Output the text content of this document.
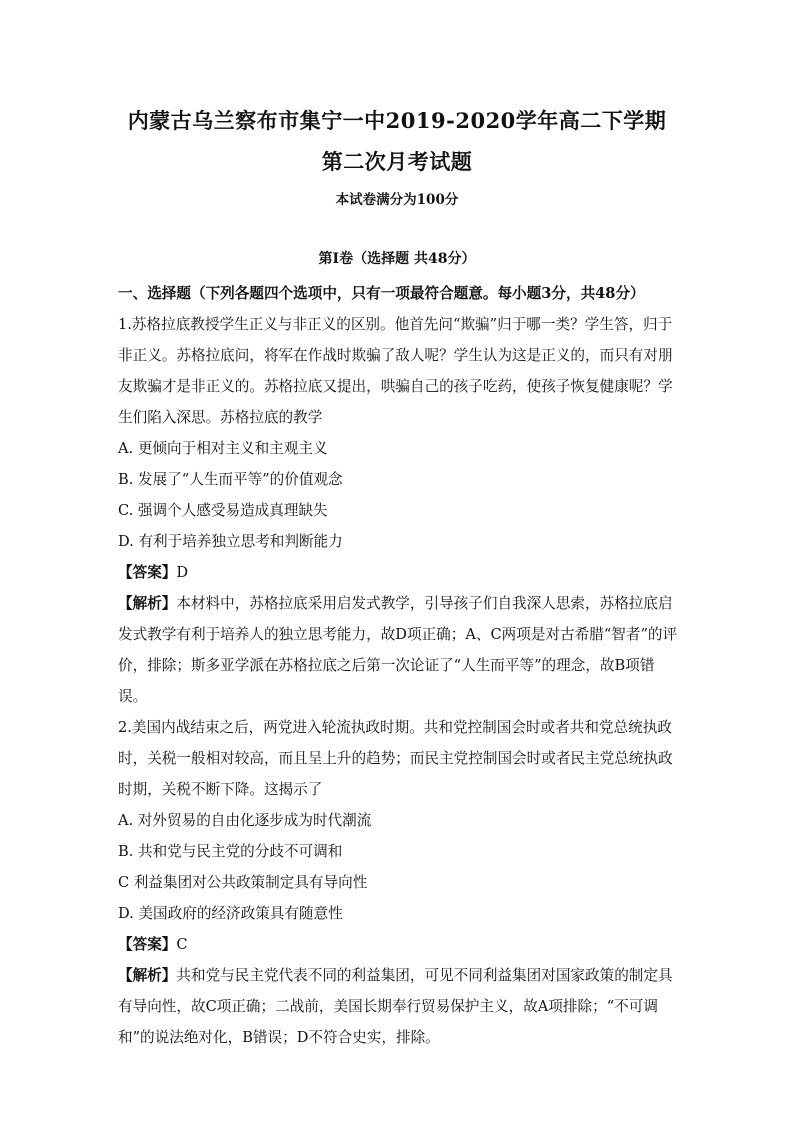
内蒙古乌兰察布市集宁一中2019-2020学年高二下学期
第二次月考试题
本试卷满分为100分
第Ⅰ卷（选择题 共48分）

一、选择题（下列各题四个选项中，只有一项最符合题意。每小题3分，共48分）

1.苏格拉底教授学生正义与非正义的区别。他首先问“欺骗”归于哪一类？学生答，归于非正义。苏格拉底问，将军在作战时欺骗了敌人呢？学生认为这是正义的，而只有对朋友欺骗才是非正义的。苏格拉底又提出，哄骗自己的孩子吃药，使孩子恢复健康呢？学生们陷入深思。苏格拉底的教学

A. 更倾向于相对主义和主观主义

B. 发展了“人生而平等”的价值观念

C. 强调个人感受易造成真理缺失

D. 有利于培养独立思考和判断能力

【答案】D

【解析】本材料中，苏格拉底采用启发式教学，引导孩子们自我深人思索，苏格拉底启发式教学有利于培养人的独立思考能力，故D项正确；A、C两项是对古希腊“智者”的评价，排除；斯多亚学派在苏格拉底之后第一次论证了“人生而平等”的理念，故B项错误。

2.美国内战结束之后，两党进入轮流执政时期。共和党控制国会时或者共和党总统执政时，关税一般相对较高，而且呈上升的趋势；而民主党控制国会时或者民主党总统执政时期，关税不断下降。这揭示了

A. 对外贸易的自由化逐步成为时代潮流

B. 共和党与民主党的分歧不可调和

C 利益集团对公共政策制定具有导向性

D. 美国政府的经济政策具有随意性

【答案】C

【解析】共和党与民主党代表不同的利益集团，可见不同利益集团对国家政策的制定具有导向性，故C项正确；二战前，美国长期奉行贸易保护主义，故A项排除；“不可调和”的说法绝对化，B错误；D不符合史实，排除。
